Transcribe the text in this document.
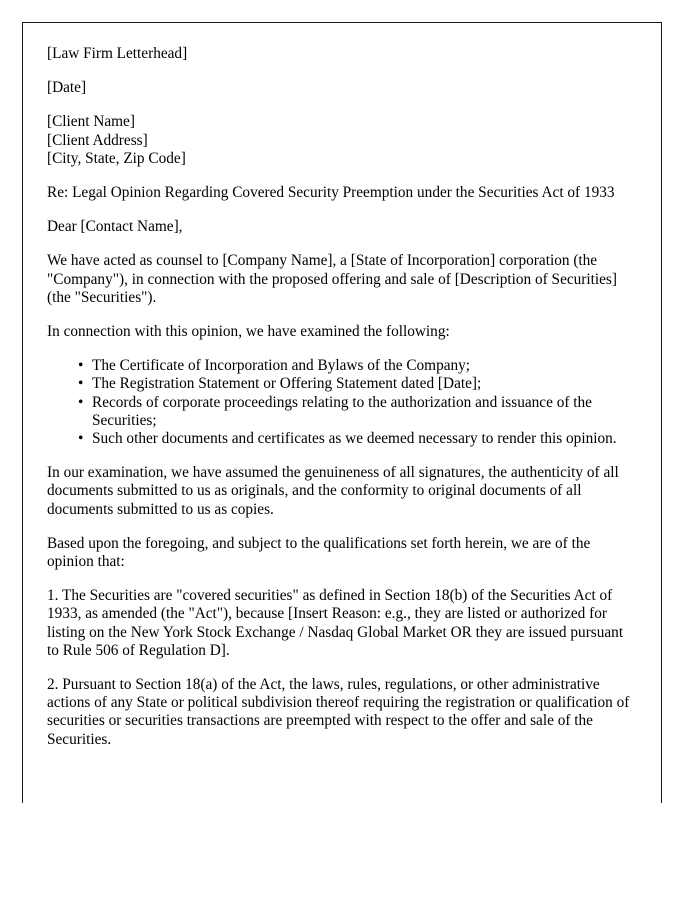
[Law Firm Letterhead]

[Date]

[Client Name]
[Client Address]
[City, State, Zip Code]

Re: Legal Opinion Regarding Covered Security Preemption under the Securities Act of 1933

Dear [Contact Name],

We have acted as counsel to [Company Name], a [State of Incorporation] corporation (the "Company"), in connection with the proposed offering and sale of [Description of Securities] (the "Securities").

In connection with this opinion, we have examined the following:

• The Certificate of Incorporation and Bylaws of the Company;
• The Registration Statement or Offering Statement dated [Date];
• Records of corporate proceedings relating to the authorization and issuance of the Securities;
• Such other documents and certificates as we deemed necessary to render this opinion.

In our examination, we have assumed the genuineness of all signatures, the authenticity of all documents submitted to us as originals, and the conformity to original documents of all documents submitted to us as copies.

Based upon the foregoing, and subject to the qualifications set forth herein, we are of the opinion that:

1. The Securities are "covered securities" as defined in Section 18(b) of the Securities Act of 1933, as amended (the "Act"), because [Insert Reason: e.g., they are listed or authorized for listing on the New York Stock Exchange / Nasdaq Global Market OR they are issued pursuant to Rule 506 of Regulation D].

2. Pursuant to Section 18(a) of the Act, the laws, rules, regulations, or other administrative actions of any State or political subdivision thereof requiring the registration or qualification of securities or securities transactions are preempted with respect to the offer and sale of the Securities.
